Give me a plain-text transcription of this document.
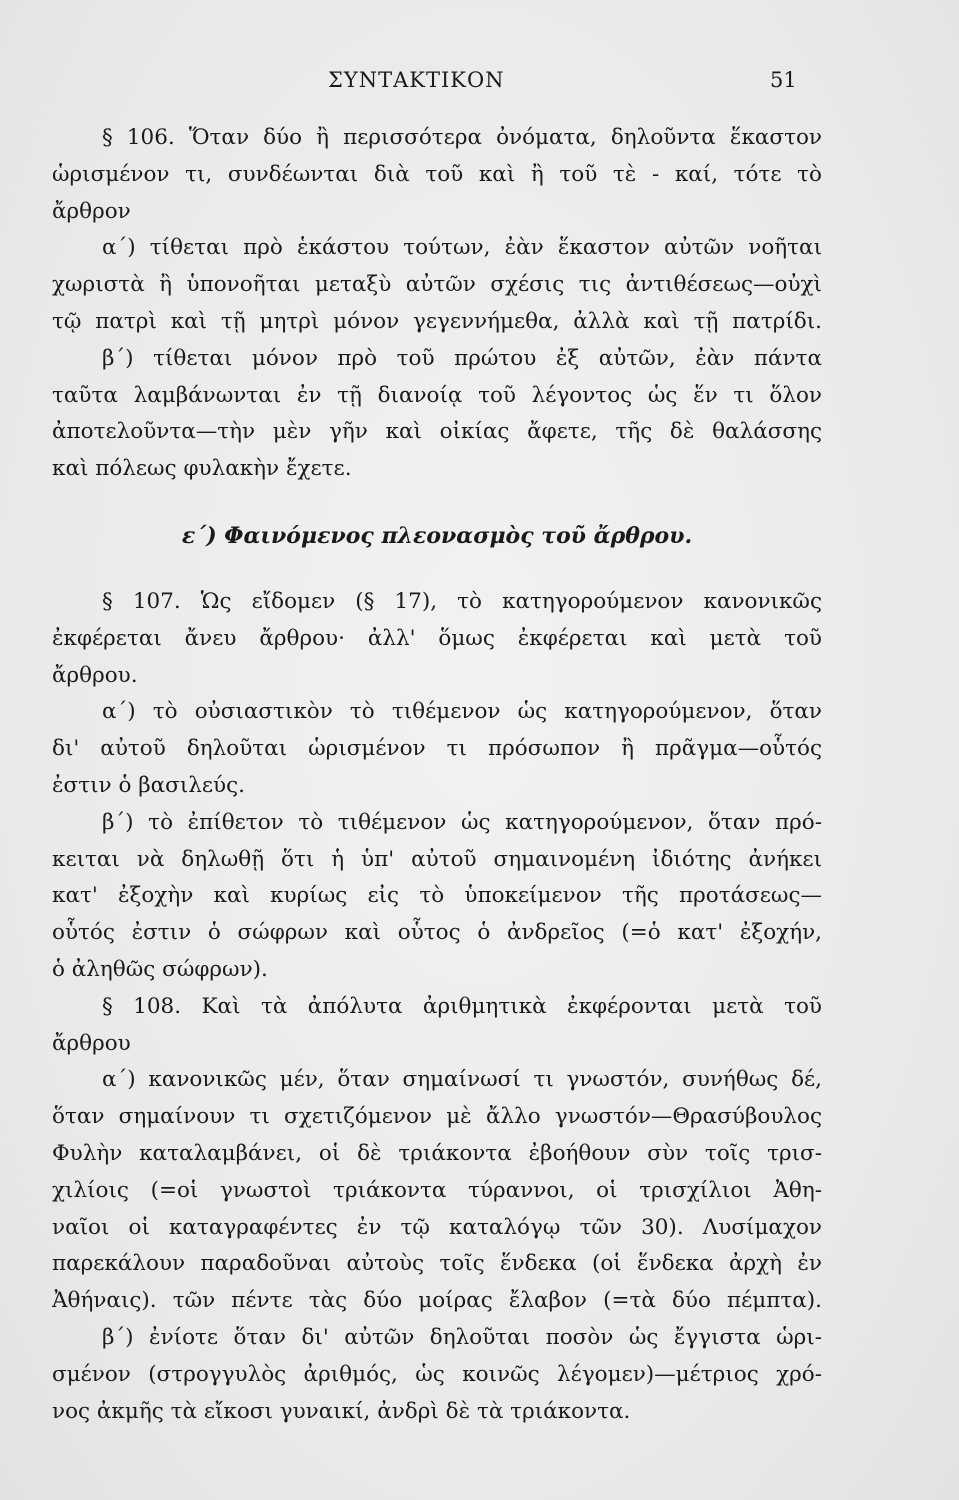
ΣΥΝΤΑΚΤΙΚΟΝ	51
§ 106. Ὅταν δύο ἢ περισσότερα ὀνόματα, δηλοῦντα ἕκαστον
ὡρισμένον τι, συνδέωνται διὰ τοῦ καὶ ἢ τοῦ τὲ - καί, τότε τὸ
ἄρθρον
α΄) τίθεται πρὸ ἑκάστου τούτων, ἐὰν ἕκαστον αὐτῶν νοῆται
χωριστὰ ἢ ὑπονοῆται μεταξὺ αὐτῶν σχέσις τις ἀντιθέσεως—οὐχὶ
τῷ πατρὶ καὶ τῇ μητρὶ μόνον γεγεννήμεθα, ἀλλὰ καὶ τῇ πατρίδι.
β΄) τίθεται μόνον πρὸ τοῦ πρώτου ἐξ αὐτῶν, ἐὰν πάντα
ταῦτα λαμβάνωνται ἐν τῇ διανοίᾳ τοῦ λέγοντος ὡς ἕν τι ὅλον
ἀποτελοῦντα—τὴν μὲν γῆν καὶ οἰκίας ἄφετε, τῆς δὲ θαλάσσης
καὶ πόλεως φυλακὴν ἔχετε.
ε΄) Φαινόμενος πλεονασμὸς τοῦ ἄρθρου.
§ 107. Ὡς εἴδομεν (§ 17), τὸ κατηγορούμενον κανονικῶς
ἐκφέρεται ἄνευ ἄρθρου· ἀλλ' ὅμως ἐκφέρεται καὶ μετὰ τοῦ
ἄρθρου.
α΄) τὸ οὐσιαστικὸν τὸ τιθέμενον ὡς κατηγορούμενον, ὅταν
δι' αὐτοῦ δηλοῦται ὡρισμένον τι πρόσωπον ἢ πρᾶγμα—οὗτός
ἐστιν ὁ βασιλεύς.
β΄) τὸ ἐπίθετον τὸ τιθέμενον ὡς κατηγορούμενον, ὅταν πρό-
κειται νὰ δηλωθῇ ὅτι ἡ ὑπ' αὐτοῦ σημαινομένη ἰδιότης ἀνήκει
κατ' ἐξοχὴν καὶ κυρίως εἰς τὸ ὑποκείμενον τῆς προτάσεως—
οὗτός ἐστιν ὁ σώφρων καὶ οὗτος ὁ ἀνδρεῖος (=ὁ κατ' ἐξοχήν,
ὁ ἀληθῶς σώφρων).
§ 108. Καὶ τὰ ἀπόλυτα ἀριθμητικὰ ἐκφέρονται μετὰ τοῦ
ἄρθρου
α΄) κανονικῶς μέν, ὅταν σημαίνωσί τι γνωστόν, συνήθως δέ,
ὅταν σημαίνουν τι σχετιζόμενον μὲ ἄλλο γνωστόν—Θρασύβουλος
Φυλὴν καταλαμβάνει, οἱ δὲ τριάκοντα ἐβοήθουν σὺν τοῖς τρισ-
χιλίοις (=οἱ γνωστοὶ τριάκοντα τύραννοι, οἱ τρισχίλιοι Ἀθη-
ναῖοι οἱ καταγραφέντες ἐν τῷ καταλόγῳ τῶν 30). Λυσίμαχον
παρεκάλουν παραδοῦναι αὐτοὺς τοῖς ἕνδεκα (οἱ ἕνδεκα ἀρχὴ ἐν
Ἀθήναις). τῶν πέντε τὰς δύο μοίρας ἔλαβον (=τὰ δύο πέμπτα).
β΄) ἐνίοτε ὅταν δι' αὐτῶν δηλοῦται ποσὸν ὡς ἔγγιστα ὡρι-
σμένον (στρογγυλὸς ἀριθμός, ὡς κοινῶς λέγομεν)—μέτριος χρό-
νος ἀκμῆς τὰ εἴκοσι γυναικί, ἀνδρὶ δὲ τὰ τριάκοντα.
